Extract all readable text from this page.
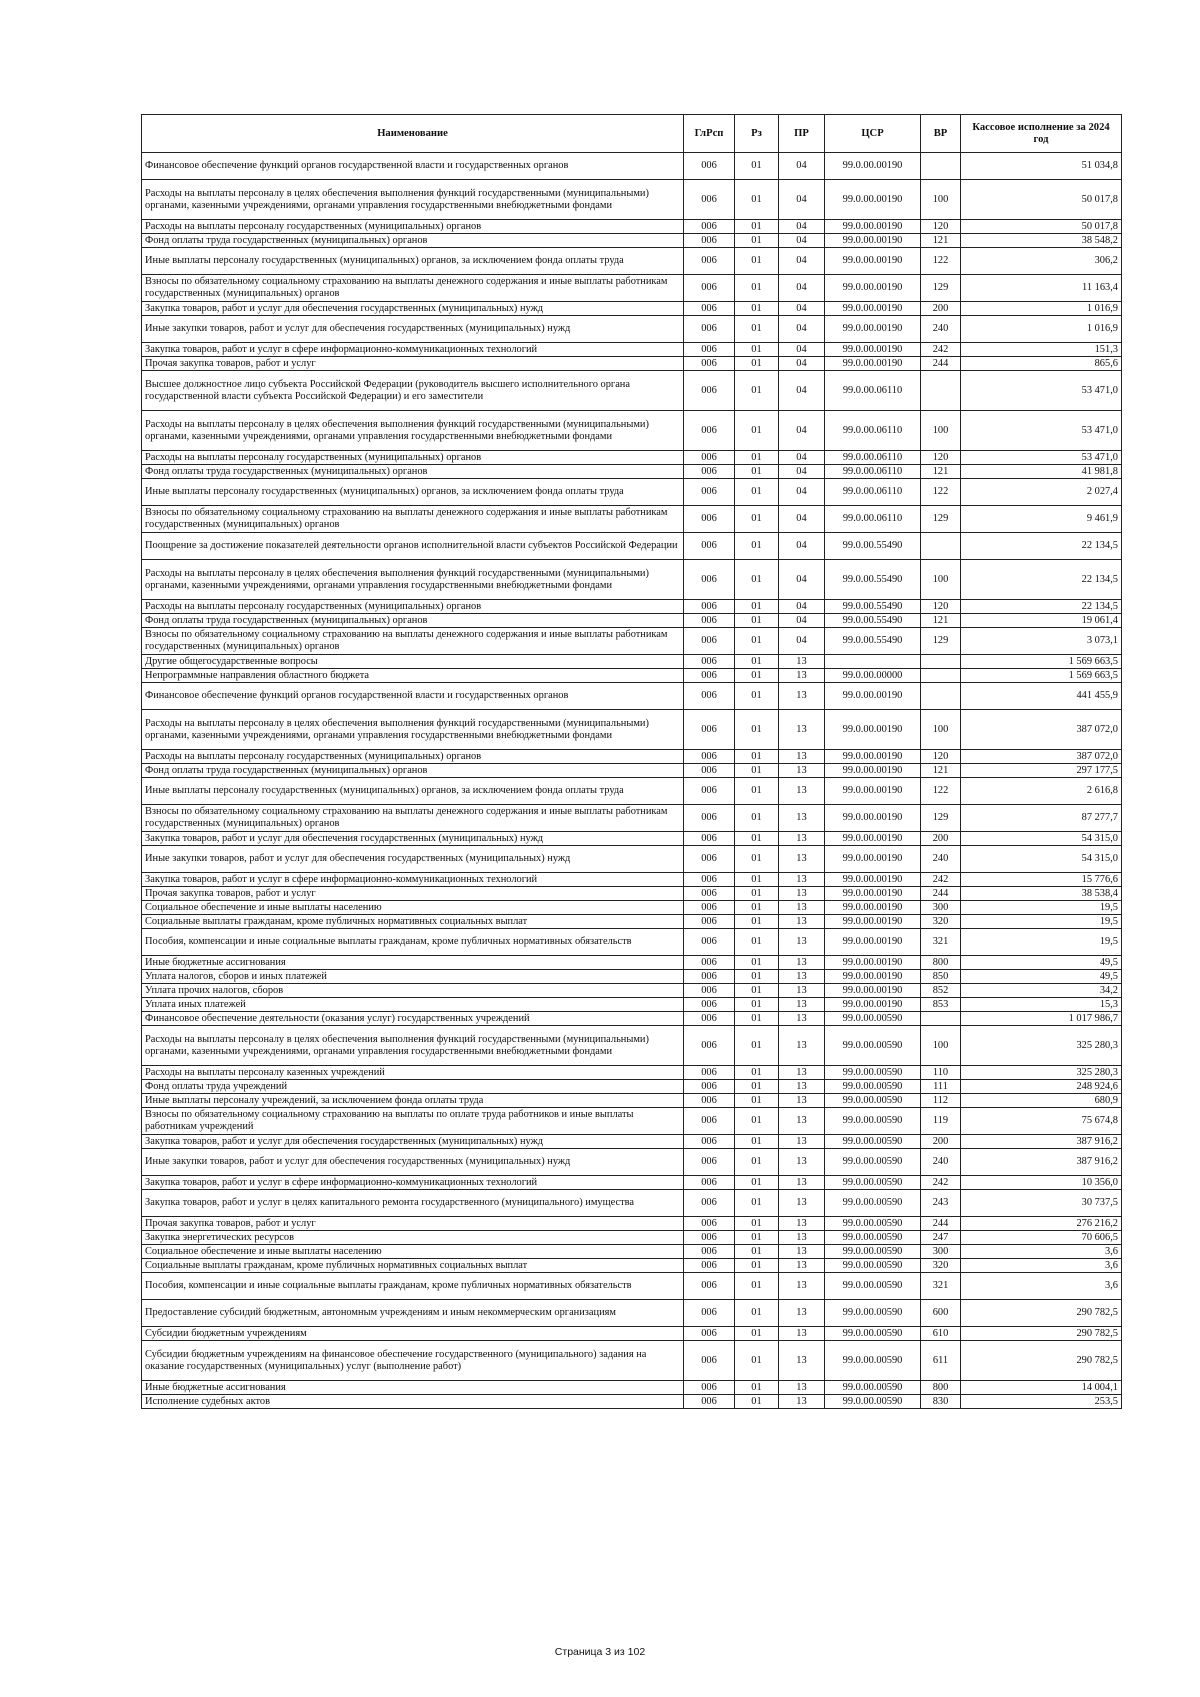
Наименование	ГлРсп	Рз	ПР	ЦСР	ВР	Кассовое исполнение за 2024 год
Финансовое обеспечение функций органов государственной власти и государственных органов	006	01	04	99.0.00.00190		51 034,8
Расходы на выплаты персоналу в целях обеспечения выполнения функций государственными (муниципальными) органами, казенными учреждениями, органами управления государственными внебюджетными фондами	006	01	04	99.0.00.00190	100	50 017,8
Расходы на выплаты персоналу государственных (муниципальных) органов	006	01	04	99.0.00.00190	120	50 017,8
Фонд оплаты труда государственных (муниципальных) органов	006	01	04	99.0.00.00190	121	38 548,2
Иные выплаты персоналу государственных (муниципальных) органов, за исключением фонда оплаты труда	006	01	04	99.0.00.00190	122	306,2
Взносы по обязательному социальному страхованию на выплаты денежного содержания и иные выплаты работникам государственных (муниципальных) органов	006	01	04	99.0.00.00190	129	11 163,4
Закупка товаров, работ и услуг для обеспечения государственных (муниципальных) нужд	006	01	04	99.0.00.00190	200	1 016,9
Иные закупки товаров, работ и услуг для обеспечения государственных (муниципальных) нужд	006	01	04	99.0.00.00190	240	1 016,9
Закупка товаров, работ и услуг в сфере информационно-коммуникационных технологий	006	01	04	99.0.00.00190	242	151,3
Прочая закупка товаров, работ и услуг	006	01	04	99.0.00.00190	244	865,6
Высшее должностное лицо субъекта Российской Федерации (руководитель высшего исполнительного органа государственной власти субъекта Российской Федерации) и его заместители	006	01	04	99.0.00.06110		53 471,0
Расходы на выплаты персоналу в целях обеспечения выполнения функций государственными (муниципальными) органами, казенными учреждениями, органами управления государственными внебюджетными фондами	006	01	04	99.0.00.06110	100	53 471,0
Расходы на выплаты персоналу государственных (муниципальных) органов	006	01	04	99.0.00.06110	120	53 471,0
Фонд оплаты труда государственных (муниципальных) органов	006	01	04	99.0.00.06110	121	41 981,8
Иные выплаты персоналу государственных (муниципальных) органов, за исключением фонда оплаты труда	006	01	04	99.0.00.06110	122	2 027,4
Взносы по обязательному социальному страхованию на выплаты денежного содержания и иные выплаты работникам государственных (муниципальных) органов	006	01	04	99.0.00.06110	129	9 461,9
Поощрение за достижение показателей деятельности органов исполнительной власти субъектов Российской Федерации	006	01	04	99.0.00.55490		22 134,5
Расходы на выплаты персоналу в целях обеспечения выполнения функций государственными (муниципальными) органами, казенными учреждениями, органами управления государственными внебюджетными фондами	006	01	04	99.0.00.55490	100	22 134,5
Расходы на выплаты персоналу государственных (муниципальных) органов	006	01	04	99.0.00.55490	120	22 134,5
Фонд оплаты труда государственных (муниципальных) органов	006	01	04	99.0.00.55490	121	19 061,4
Взносы по обязательному социальному страхованию на выплаты денежного содержания и иные выплаты работникам государственных (муниципальных) органов	006	01	04	99.0.00.55490	129	3 073,1
Другие общегосударственные вопросы	006	01	13			1 569 663,5
Непрограммные направления областного бюджета	006	01	13	99.0.00.00000		1 569 663,5
Финансовое обеспечение функций органов государственной власти и государственных органов	006	01	13	99.0.00.00190		441 455,9
Расходы на выплаты персоналу в целях обеспечения выполнения функций государственными (муниципальными) органами, казенными учреждениями, органами управления государственными внебюджетными фондами	006	01	13	99.0.00.00190	100	387 072,0
Расходы на выплаты персоналу государственных (муниципальных) органов	006	01	13	99.0.00.00190	120	387 072,0
Фонд оплаты труда государственных (муниципальных) органов	006	01	13	99.0.00.00190	121	297 177,5
Иные выплаты персоналу государственных (муниципальных) органов, за исключением фонда оплаты труда	006	01	13	99.0.00.00190	122	2 616,8
Взносы по обязательному социальному страхованию на выплаты денежного содержания и иные выплаты работникам государственных (муниципальных) органов	006	01	13	99.0.00.00190	129	87 277,7
Закупка товаров, работ и услуг для обеспечения государственных (муниципальных) нужд	006	01	13	99.0.00.00190	200	54 315,0
Иные закупки товаров, работ и услуг для обеспечения государственных (муниципальных) нужд	006	01	13	99.0.00.00190	240	54 315,0
Закупка товаров, работ и услуг в сфере информационно-коммуникационных технологий	006	01	13	99.0.00.00190	242	15 776,6
Прочая закупка товаров, работ и услуг	006	01	13	99.0.00.00190	244	38 538,4
Социальное обеспечение и иные выплаты населению	006	01	13	99.0.00.00190	300	19,5
Социальные выплаты гражданам, кроме публичных нормативных социальных выплат	006	01	13	99.0.00.00190	320	19,5
Пособия, компенсации и иные социальные выплаты гражданам, кроме публичных нормативных обязательств	006	01	13	99.0.00.00190	321	19,5
Иные бюджетные ассигнования	006	01	13	99.0.00.00190	800	49,5
Уплата налогов, сборов и иных платежей	006	01	13	99.0.00.00190	850	49,5
Уплата прочих налогов, сборов	006	01	13	99.0.00.00190	852	34,2
Уплата иных платежей	006	01	13	99.0.00.00190	853	15,3
Финансовое обеспечение деятельности (оказания услуг) государственных учреждений	006	01	13	99.0.00.00590		1 017 986,7
Расходы на выплаты персоналу в целях обеспечения выполнения функций государственными (муниципальными) органами, казенными учреждениями, органами управления государственными внебюджетными фондами	006	01	13	99.0.00.00590	100	325 280,3
Расходы на выплаты персоналу казенных учреждений	006	01	13	99.0.00.00590	110	325 280,3
Фонд оплаты труда учреждений	006	01	13	99.0.00.00590	111	248 924,6
Иные выплаты персоналу учреждений, за исключением фонда оплаты труда	006	01	13	99.0.00.00590	112	680,9
Взносы по обязательному социальному страхованию на выплаты по оплате труда работников и иные выплаты работникам учреждений	006	01	13	99.0.00.00590	119	75 674,8
Закупка товаров, работ и услуг для обеспечения государственных (муниципальных) нужд	006	01	13	99.0.00.00590	200	387 916,2
Иные закупки товаров, работ и услуг для обеспечения государственных (муниципальных) нужд	006	01	13	99.0.00.00590	240	387 916,2
Закупка товаров, работ и услуг в сфере информационно-коммуникационных технологий	006	01	13	99.0.00.00590	242	10 356,0
Закупка товаров, работ и услуг в целях капитального ремонта государственного (муниципального) имущества	006	01	13	99.0.00.00590	243	30 737,5
Прочая закупка товаров, работ и услуг	006	01	13	99.0.00.00590	244	276 216,2
Закупка энергетических ресурсов	006	01	13	99.0.00.00590	247	70 606,5
Социальное обеспечение и иные выплаты населению	006	01	13	99.0.00.00590	300	3,6
Социальные выплаты гражданам, кроме публичных нормативных социальных выплат	006	01	13	99.0.00.00590	320	3,6
Пособия, компенсации и иные социальные выплаты гражданам, кроме публичных нормативных обязательств	006	01	13	99.0.00.00590	321	3,6
Предоставление субсидий бюджетным, автономным учреждениям и иным некоммерческим организациям	006	01	13	99.0.00.00590	600	290 782,5
Субсидии бюджетным учреждениям	006	01	13	99.0.00.00590	610	290 782,5
Субсидии бюджетным учреждениям на финансовое обеспечение государственного (муниципального) задания на оказание государственных (муниципальных) услуг (выполнение работ)	006	01	13	99.0.00.00590	611	290 782,5
Иные бюджетные ассигнования	006	01	13	99.0.00.00590	800	14 004,1
Исполнение судебных актов	006	01	13	99.0.00.00590	830	253,5
Страница 3 из 102
